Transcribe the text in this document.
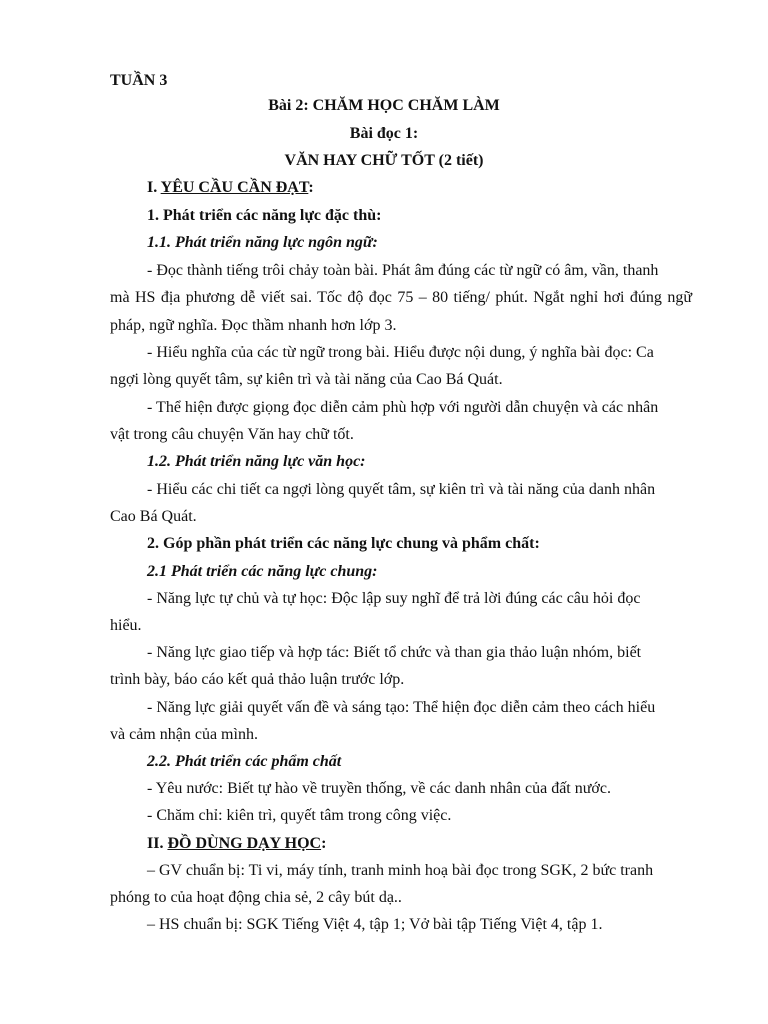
TUẦN 3
Bài 2: CHĂM HỌC CHĂM LÀM
Bài đọc 1:
VĂN HAY CHỮ TỐT (2 tiết)
I. YÊU CẦU CẦN ĐẠT:
1. Phát triển các năng lực đặc thù:
1.1. Phát triển năng lực ngôn ngữ:
- Đọc thành tiếng trôi chảy toàn bài. Phát âm đúng các từ ngữ có âm, vần, thanh
mà HS địa phương dễ viết sai. Tốc độ đọc 75 – 80 tiếng/ phút. Ngắt nghỉ hơi đúng ngữ
pháp, ngữ nghĩa. Đọc thầm nhanh hơn lớp 3.
- Hiểu nghĩa của các từ ngữ trong bài. Hiểu được nội dung, ý nghĩa bài đọc: Ca
ngợi lòng quyết tâm, sự kiên trì và tài năng của Cao Bá Quát.
- Thể hiện được giọng đọc diễn cảm phù hợp với người dẫn chuyện và các nhân
vật trong câu chuyện Văn hay chữ tốt.
1.2. Phát triển năng lực văn học:
- Hiểu các chi tiết ca ngợi lòng quyết tâm, sự kiên trì và tài năng của danh nhân
Cao Bá Quát.
2. Góp phần phát triển các năng lực chung và phẩm chất:
2.1 Phát triển các năng lực chung:
- Năng lực tự chủ và tự học: Độc lập suy nghĩ để trả lời đúng các câu hỏi đọc
hiểu.
- Năng lực giao tiếp và hợp tác: Biết tổ chức và than gia thảo luận nhóm, biết
trình bày, báo cáo kết quả thảo luận trước lớp.
- Năng lực giải quyết vấn đề và sáng tạo: Thể hiện đọc diễn cảm theo cách hiểu
và cảm nhận của mình.
2.2. Phát triển các phẩm chất
- Yêu nước: Biết tự hào về truyền thống, về các danh nhân của đất nước.
- Chăm chỉ: kiên trì, quyết tâm trong công việc.
II. ĐỒ DÙNG DẠY HỌC:
– GV chuẩn bị: Ti vi, máy tính, tranh minh hoạ bài đọc trong SGK, 2 bức tranh
phóng to của hoạt động chia sẻ, 2 cây bút dạ..
– HS chuẩn bị: SGK Tiếng Việt 4, tập 1; Vở bài tập Tiếng Việt 4, tập 1.
